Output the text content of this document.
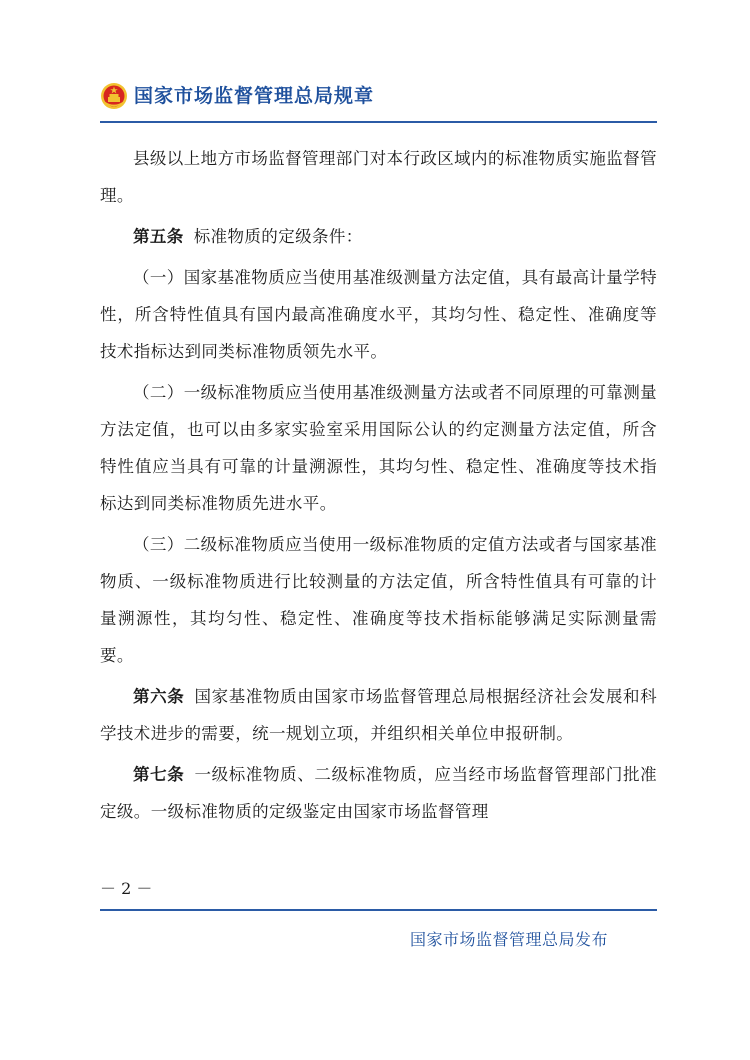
国家市场监督管理总局规章

县级以上地方市场监督管理部门对本行政区域内的标准物质实施监督管理。

第五条 标准物质的定级条件：

（一）国家基准物质应当使用基准级测量方法定值，具有最高计量学特性，所含特性值具有国内最高准确度水平，其均匀性、稳定性、准确度等技术指标达到同类标准物质领先水平。

（二）一级标准物质应当使用基准级测量方法或者不同原理的可靠测量方法定值，也可以由多家实验室采用国际公认的约定测量方法定值，所含特性值应当具有可靠的计量溯源性，其均匀性、稳定性、准确度等技术指标达到同类标准物质先进水平。

（三）二级标准物质应当使用一级标准物质的定值方法或者与国家基准物质、一级标准物质进行比较测量的方法定值，所含特性值具有可靠的计量溯源性，其均匀性、稳定性、准确度等技术指标能够满足实际测量需要。

第六条 国家基准物质由国家市场监督管理总局根据经济社会发展和科学技术进步的需要，统一规划立项，并组织相关单位申报研制。

第七条 一级标准物质、二级标准物质，应当经市场监督管理部门批准定级。一级标准物质的定级鉴定由国家市场监督管理

－ 2 －
国家市场监督管理总局发布
